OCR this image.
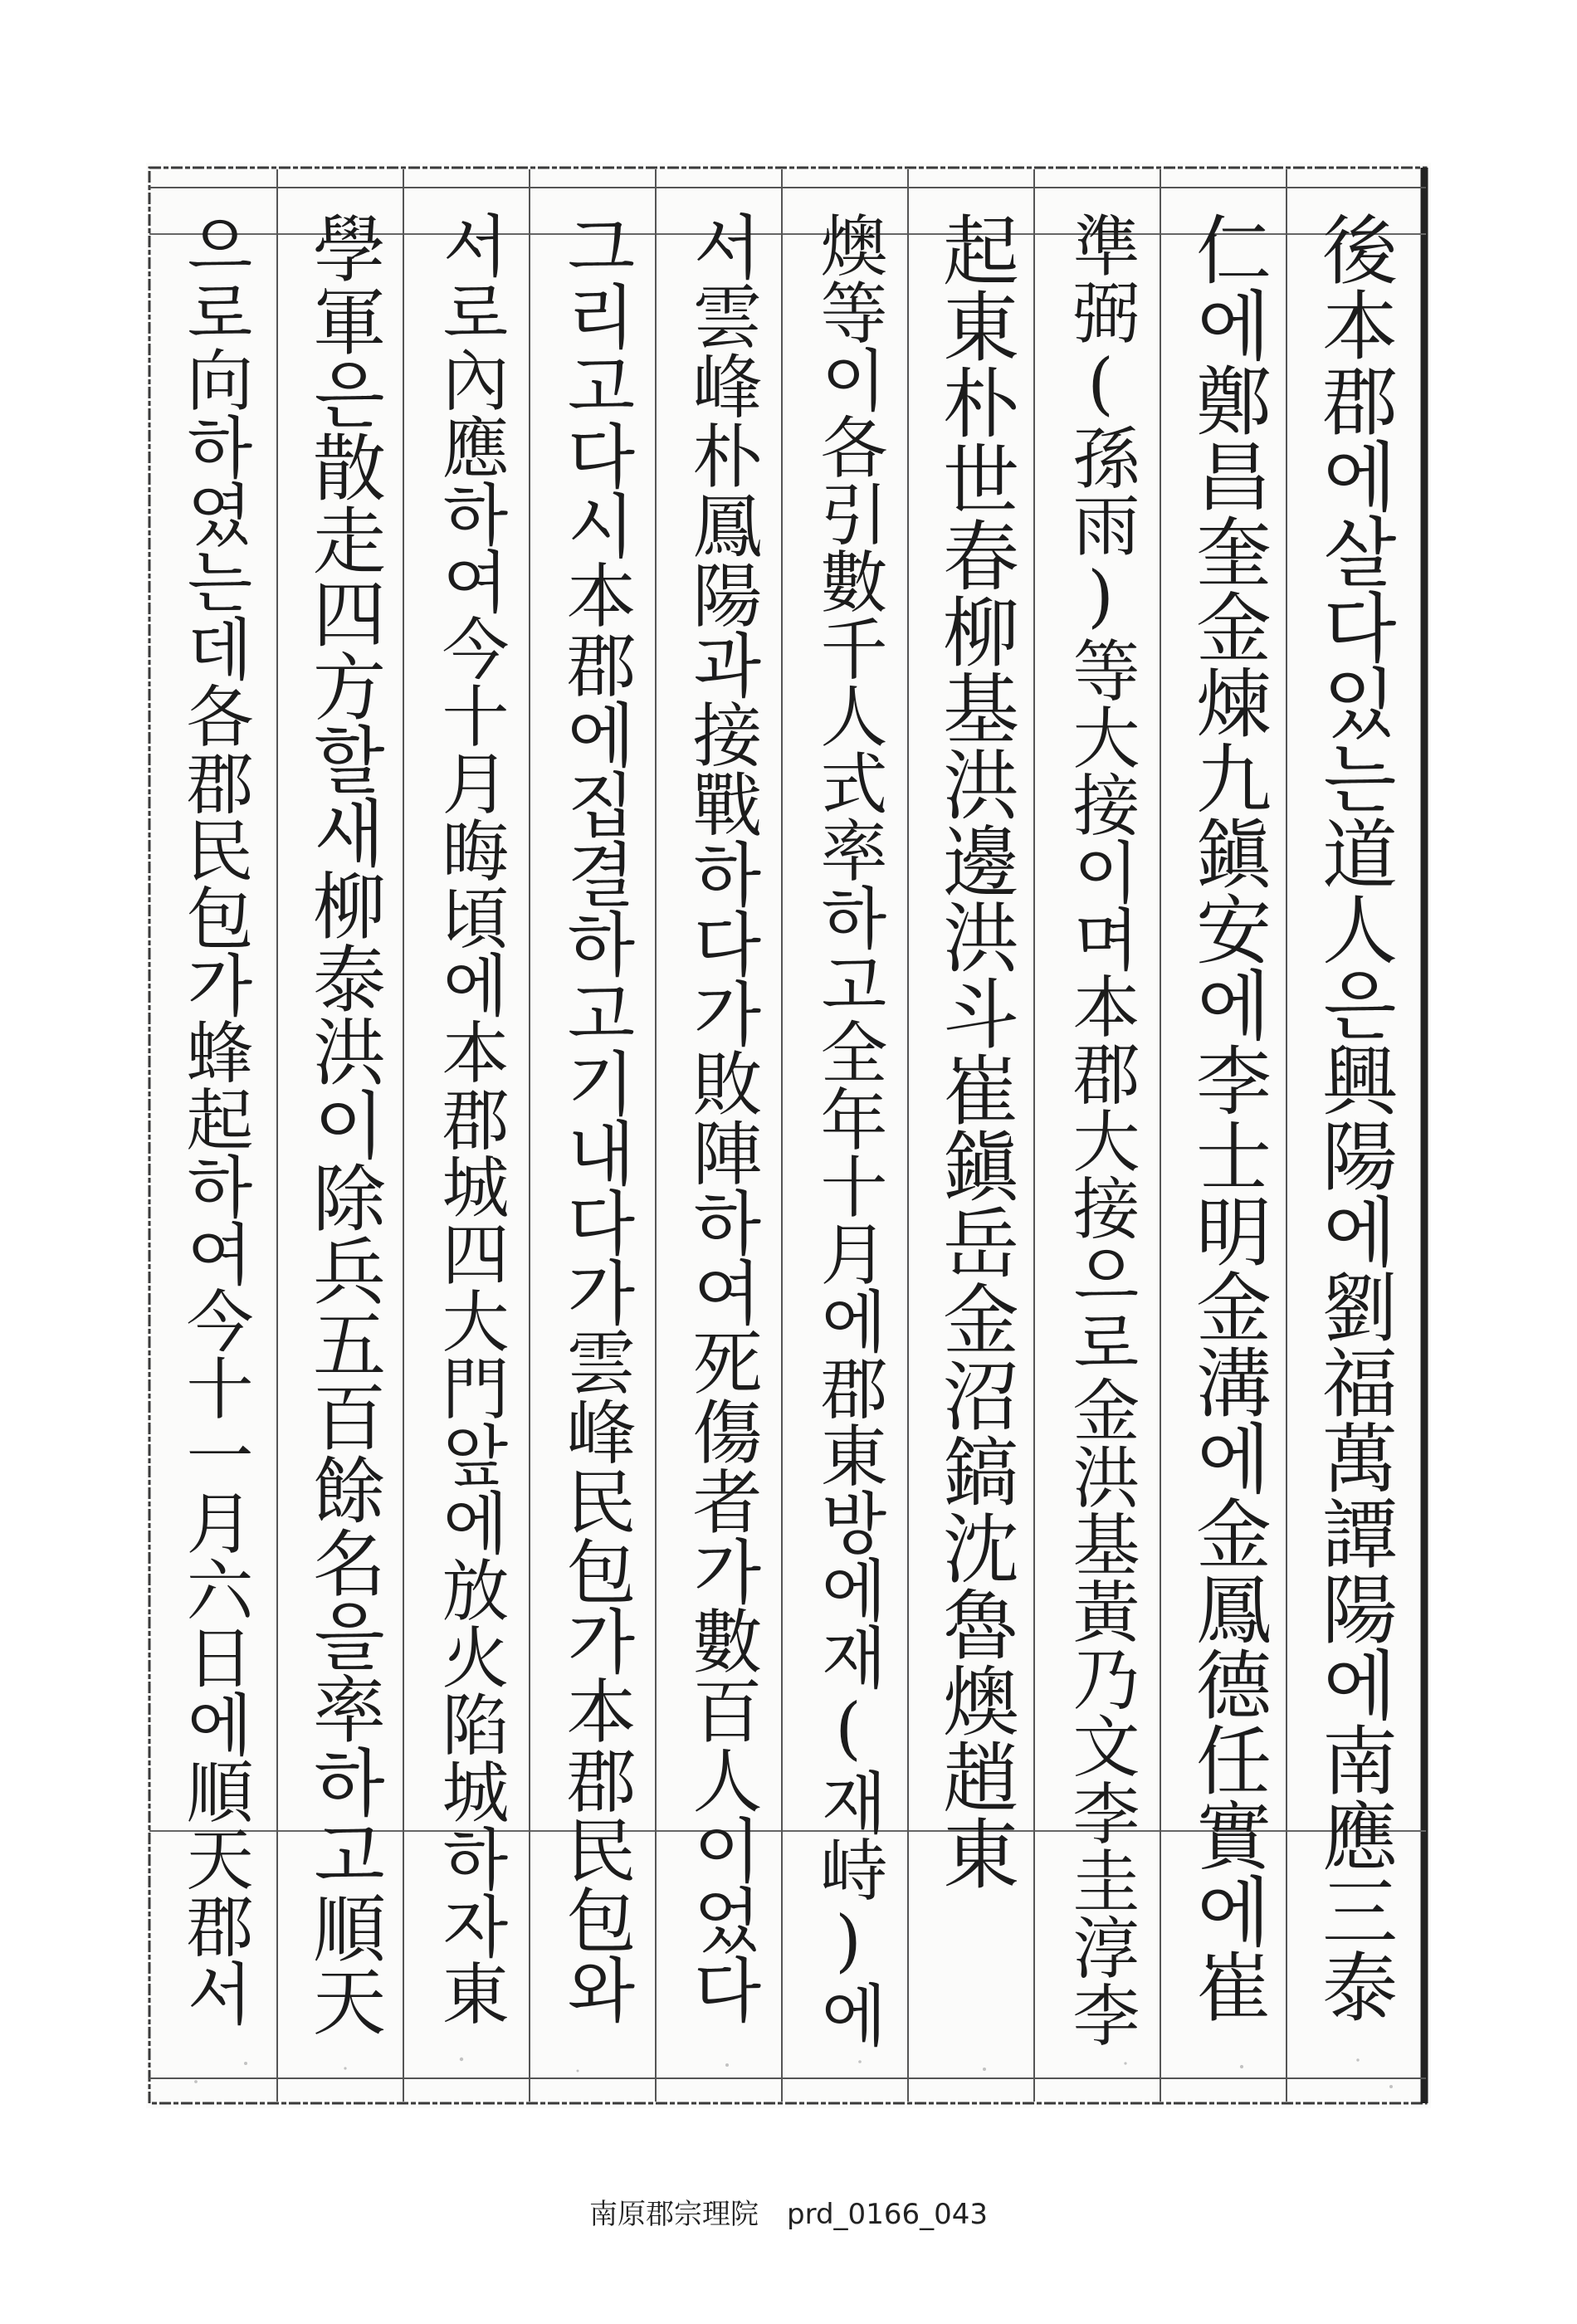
後本郡에살다있는道人은興陽에劉福萬譚陽에南應三泰
仁에鄭昌奎金煉九鎭安에李士明金溝에金鳳德任實에崔
準弼(孫雨)等大接이며本郡大接으로金洪基黃乃文李圭淳李
起東朴世春柳基洪邊洪斗崔鎭岳金沼鎬沈魯燠趙東
燠等이各引數千人式率하고全年十月에郡東방에재(재峙)에
서雲峰朴鳳陽과接戰하다가敗陣하여死傷者가數百人이었다
그리고다시本郡에집결하고기내다가雲峰民包가本郡民包와
서로內應하여今十月晦頃에本郡城四大門앞에放火陷城하자東
學軍은散走四方할새柳泰洪이除兵五百餘名을率하고順天
으로向하였는데各郡民包가蜂起하여今十一月六日에順天郡서
南原郡宗理院　prd_0166_043
